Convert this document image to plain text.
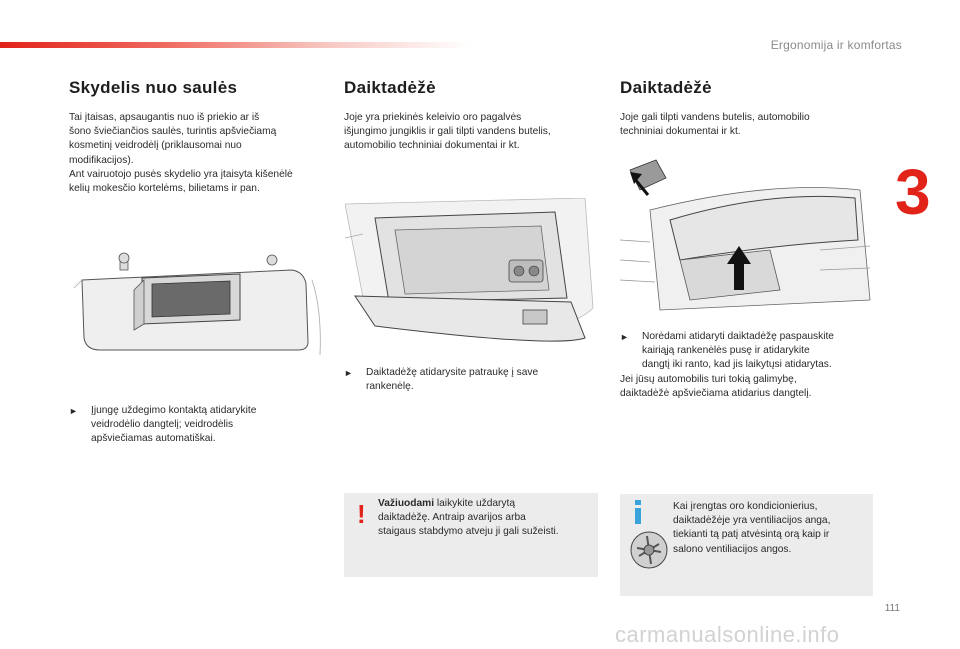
Ergonomija ir komfortas
3
Skydelis nuo saulės
Tai įtaisas, apsaugantis nuo iš priekio ar iš
šono šviečiančios saulės, turintis apšviečiamą
kosmetinį veidrodėlį (priklausomai nuo
modifikacijos).
Ant vairuotojo pusės skydelio yra įtaisyta kišenėlė
kelių mokesčio kortelėms, bilietams ir pan.
► Įjungę uždegimo kontaktą atidarykite
veidrodėlio dangtelį; veidrodėlis
apšviečiamas automatiškai.
Daiktadėžė
Joje yra priekinės keleivio oro pagalvės
išjungimo jungiklis ir gali tilpti vandens butelis,
automobilio techniniai dokumentai ir kt.
► Daiktadėžę atidarysite patraukę į save
rankenėlę.
! Važiuodami laikykite uždarytą
daiktadėžę. Antraip avarijos arba
staigaus stabdymo atveju ji gali sužeisti.
Daiktadėžė
Joje gali tilpti vandens butelis, automobilio
techniniai dokumentai ir kt.
► Norėdami atidaryti daiktadėžę paspauskite
kairiąją rankenėlės pusę ir atidarykite
dangtį iki ranto, kad jis laikytųsi atidarytas.
Jei jūsų automobilis turi tokią galimybę,
daiktadėžė apšviečiama atidarius dangtelį.
Kai įrengtas oro kondicionierius,
daiktadėžėje yra ventiliacijos anga,
tiekianti tą patį atvėsintą orą kaip ir
salono ventiliacijos angos.
111
carmanualsonline.info
